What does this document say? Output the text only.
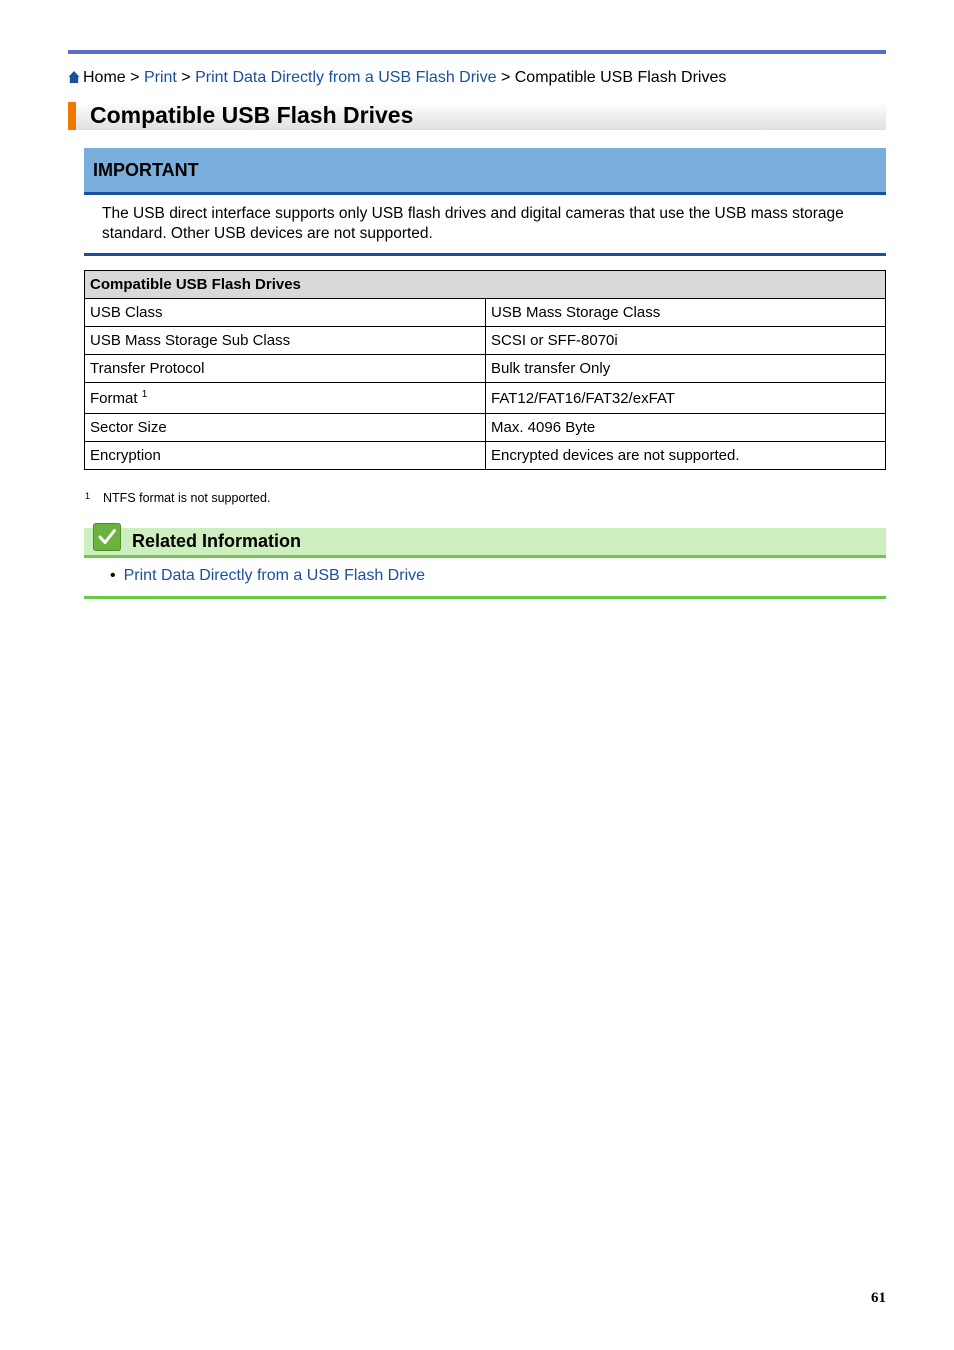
Home > Print > Print Data Directly from a USB Flash Drive > Compatible USB Flash Drives
Compatible USB Flash Drives
IMPORTANT
The USB direct interface supports only USB flash drives and digital cameras that use the USB mass storage standard. Other USB devices are not supported.
Compatible USB Flash Drives	
USB Class	USB Mass Storage Class
USB Mass Storage Sub Class	SCSI or SFF-8070i
Transfer Protocol	Bulk transfer Only
Format $^1$	FAT12/FAT16/FAT32/exFAT
Sector Size	Max. 4096 Byte
Encryption	Encrypted devices are not supported.
1 NTFS format is not supported.
Related Information
• Print Data Directly from a USB Flash Drive
61
